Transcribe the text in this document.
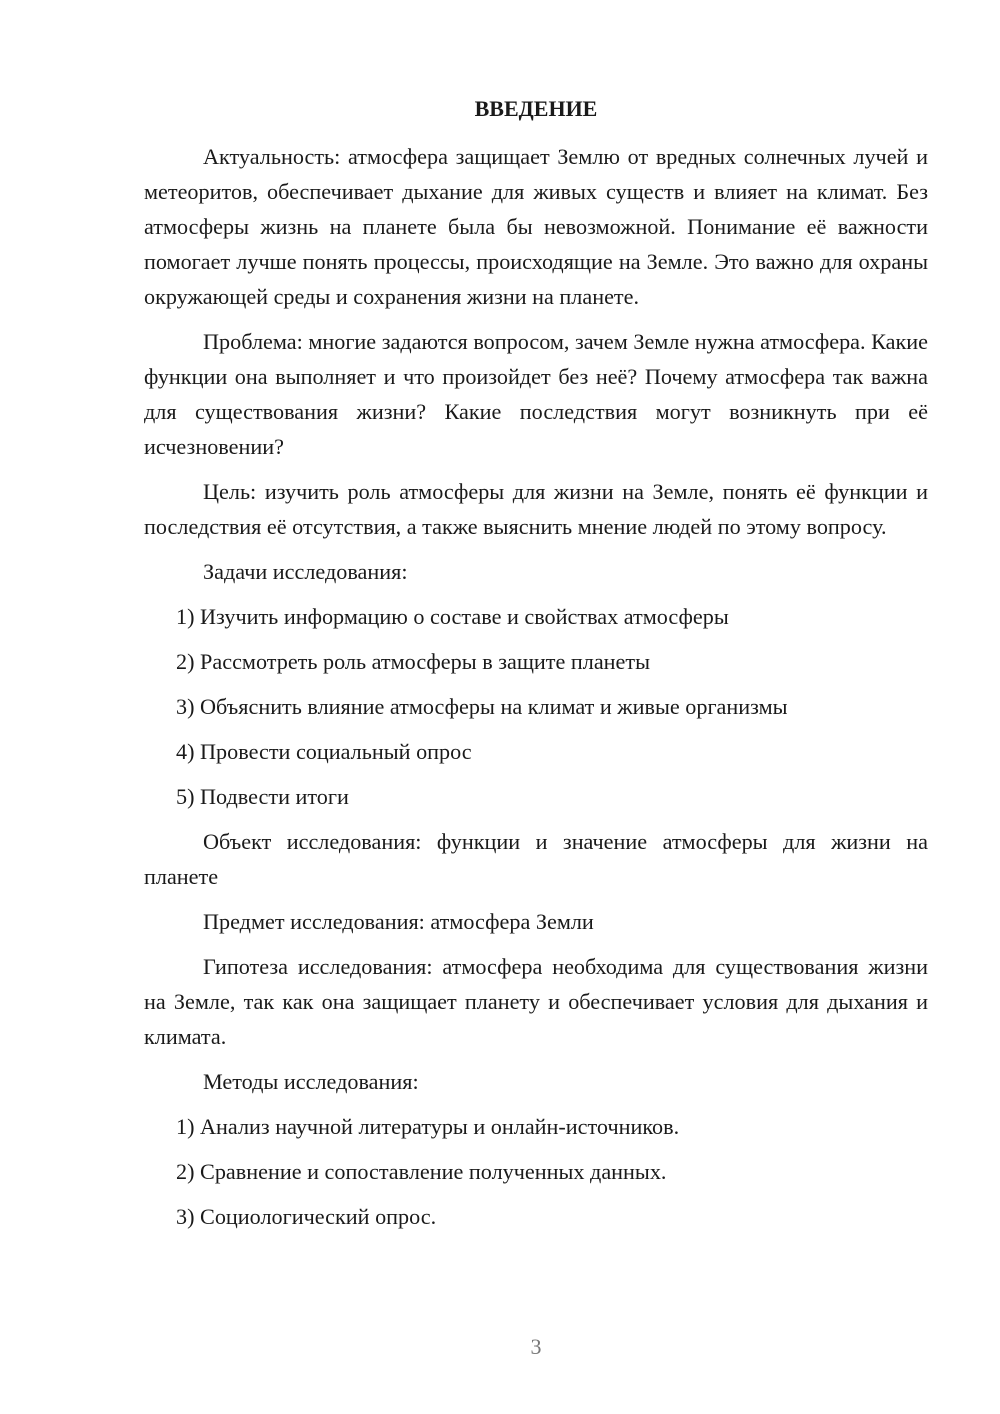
ВВЕДЕНИЕ

Актуальность: атмосфера защищает Землю от вредных солнечных лучей и метеоритов, обеспечивает дыхание для живых существ и влияет на климат. Без атмосферы жизнь на планете была бы невозможной. Понимание её важности помогает лучше понять процессы, происходящие на Земле. Это важно для охраны окружающей среды и сохранения жизни на планете.

Проблема: многие задаются вопросом, зачем Земле нужна атмосфера. Какие функции она выполняет и что произойдет без неё? Почему атмосфера так важна для существования жизни? Какие последствия могут возникнуть при её исчезновении?

Цель: изучить роль атмосферы для жизни на Земле, понять её функции и последствия её отсутствия, а также выяснить мнение людей по этому вопросу.

Задачи исследования:

1) Изучить информацию о составе и свойствах атмосферы

2) Рассмотреть роль атмосферы в защите планеты

3) Объяснить влияние атмосферы на климат и живые организмы

4) Провести социальный опрос

5) Подвести итоги

Объект исследования: функции и значение атмосферы для жизни на планете

Предмет исследования: атмосфера Земли

Гипотеза исследования: атмосфера необходима для существования жизни на Земле, так как она защищает планету и обеспечивает условия для дыхания и климата.

Методы исследования:

1) Анализ научной литературы и онлайн-источников.

2) Сравнение и сопоставление полученных данных.

3) Социологический опрос.

3
